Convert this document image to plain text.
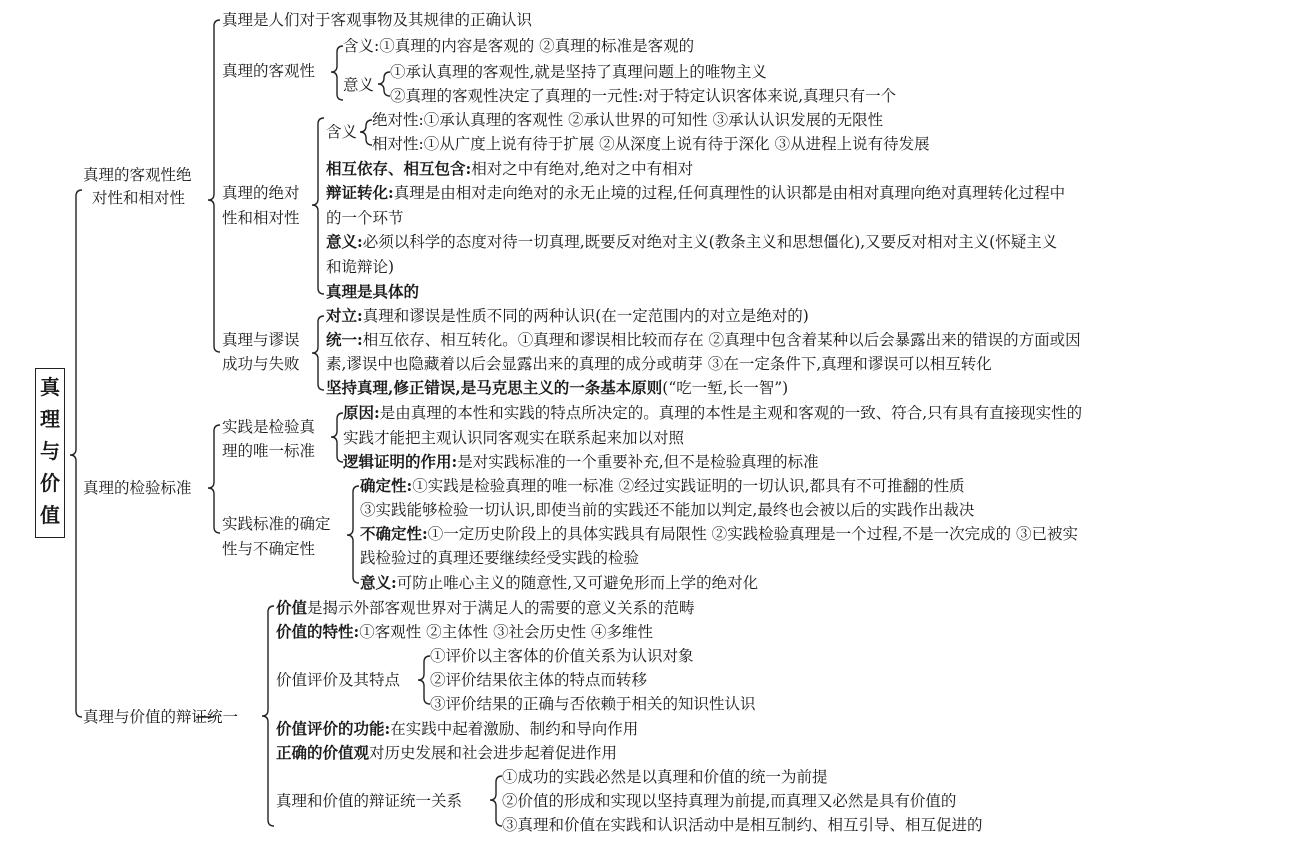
真
理
与
价
值
真理的客观性绝
对性和相对性
真理是人们对于客观事物及其规律的正确认识
真理的客观性
含义:①真理的内容是客观的 ②真理的标准是客观的
意义
①承认真理的客观性,就是坚持了真理问题上的唯物主义
②真理的客观性决定了真理的一元性:对于特定认识客体来说,真理只有一个
真理的绝对
性和相对性
含义
绝对性:①承认真理的客观性 ②承认世界的可知性 ③承认认识发展的无限性
相对性:①从广度上说有待于扩展 ②从深度上说有待于深化 ③从进程上说有待发展
相互依存、相互包含:相对之中有绝对,绝对之中有相对
辩证转化:真理是由相对走向绝对的永无止境的过程,任何真理性的认识都是由相对真理向绝对真理转化过程中
的一个环节
意义:必须以科学的态度对待一切真理,既要反对绝对主义(教条主义和思想僵化),又要反对相对主义(怀疑主义
和诡辩论)
真理是具体的
真理与谬误
成功与失败
对立:真理和谬误是性质不同的两种认识(在一定范围内的对立是绝对的)
统一:相互依存、相互转化。①真理和谬误相比较而存在 ②真理中包含着某种以后会暴露出来的错误的方面或因
素,谬误中也隐藏着以后会显露出来的真理的成分或萌芽 ③在一定条件下,真理和谬误可以相互转化
坚持真理,修正错误,是马克思主义的一条基本原则(“吃一堑,长一智”)
真理的检验标准
实践是检验真
理的唯一标准
原因:是由真理的本性和实践的特点所决定的。真理的本性是主观和客观的一致、符合,只有具有直接现实性的
实践才能把主观认识同客观实在联系起来加以对照
逻辑证明的作用:是对实践标准的一个重要补充,但不是检验真理的标准
实践标准的确定
性与不确定性
确定性:①实践是检验真理的唯一标准 ②经过实践证明的一切认识,都具有不可推翻的性质
③实践能够检验一切认识,即使当前的实践还不能加以判定,最终也会被以后的实践作出裁决
不确定性:①一定历史阶段上的具体实践具有局限性 ②实践检验真理是一个过程,不是一次完成的 ③已被实
践检验过的真理还要继续经受实践的检验
意义:可防止唯心主义的随意性,又可避免形而上学的绝对化
真理与价值的辩证统一
价值是揭示外部客观世界对于满足人的需要的意义关系的范畴
价值的特性:①客观性 ②主体性 ③社会历史性 ④多维性
价值评价及其特点
①评价以主客体的价值关系为认识对象
②评价结果依主体的特点而转移
③评价结果的正确与否依赖于相关的知识性认识
价值评价的功能:在实践中起着激励、制约和导向作用
正确的价值观对历史发展和社会进步起着促进作用
真理和价值的辩证统一关系
①成功的实践必然是以真理和价值的统一为前提
②价值的形成和实现以坚持真理为前提,而真理又必然是具有价值的
③真理和价值在实践和认识活动中是相互制约、相互引导、相互促进的
